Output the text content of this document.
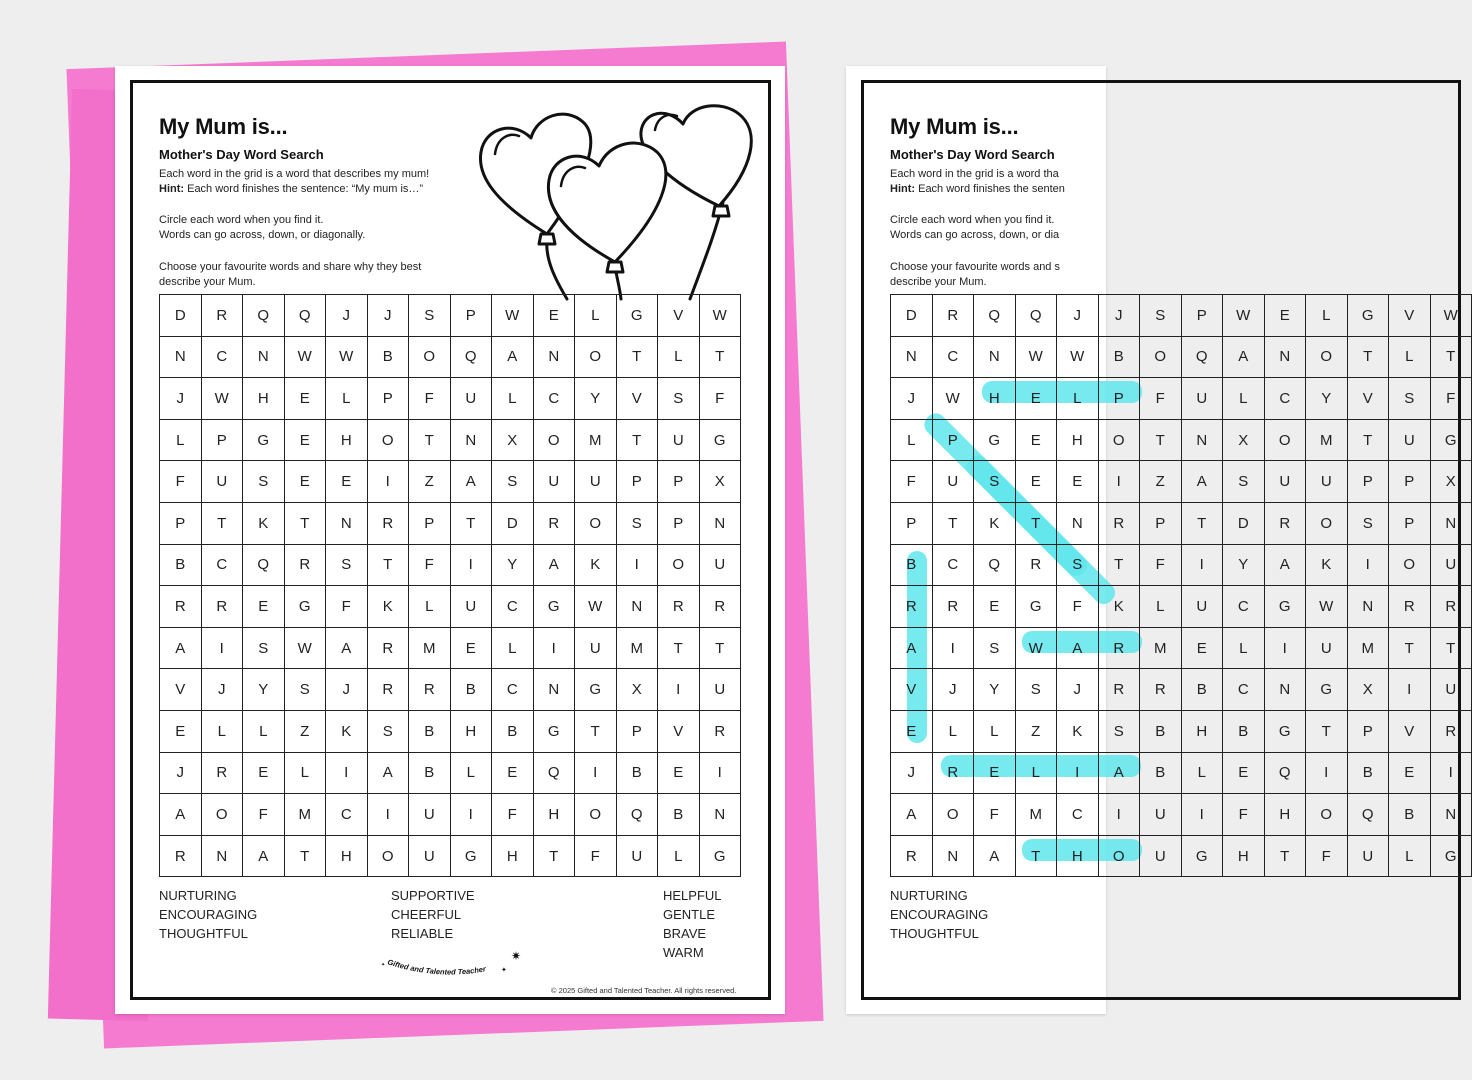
My Mum is...
Mother's Day Word Search
Each word in the grid is a word that describes my mum!
Hint: Each word finishes the sentence: “My mum is…”
Circle each word when you find it.
Words can go across, down, or diagonally.
Choose your favourite words and share why they best
describe your Mum.
D	R	Q	Q	J	J	S	P	W	E	L	G	V	W
N	C	N	W	W	B	O	Q	A	N	O	T	L	T
J	W	H	E	L	P	F	U	L	C	Y	V	S	F
L	P	G	E	H	O	T	N	X	O	M	T	U	G
F	U	S	E	E	I	Z	A	S	U	U	P	P	X
P	T	K	T	N	R	P	T	D	R	O	S	P	N
B	C	Q	R	S	T	F	I	Y	A	K	I	O	U
R	R	E	G	F	K	L	U	C	G	W	N	R	R
A	I	S	W	A	R	M	E	L	I	U	M	T	T
V	J	Y	S	J	R	R	B	C	N	G	X	I	U
E	L	L	Z	K	S	B	H	B	G	T	P	V	R
J	R	E	L	I	A	B	L	E	Q	I	B	E	I
A	O	F	M	C	I	U	I	F	H	O	Q	B	N
R	N	A	T	H	O	U	G	H	T	F	U	L	G
NURTURING
ENCOURAGING
THOUGHTFUL
SUPPORTIVE
CHEERFUL
RELIABLE
HELPFUL
GENTLE
BRAVE
WARM
Gifted and Talented Teacher
✷
✦
✦
© 2025 Gifted and Talented Teacher. All rights reserved.
My Mum is...
Mother's Day Word Search
Each word in the grid is a word tha
Hint: Each word finishes the senten
Circle each word when you find it.
Words can go across, down, or dia
Choose your favourite words and s
describe your Mum.
D	R	Q	Q	J	J	S	P	W	E	L	G	V	W
N	C	N	W	W	B	O	Q	A	N	O	T	L	T
J	W	H	E	L	P	F	U	L	C	Y	V	S	F
L	P	G	E	H	O	T	N	X	O	M	T	U	G
F	U	S	E	E	I	Z	A	S	U	U	P	P	X
P	T	K	T	N	R	P	T	D	R	O	S	P	N
B	C	Q	R	S	T	F	I	Y	A	K	I	O	U
R	R	E	G	F	K	L	U	C	G	W	N	R	R
A	I	S	W	A	R	M	E	L	I	U	M	T	T
V	J	Y	S	J	R	R	B	C	N	G	X	I	U
E	L	L	Z	K	S	B	H	B	G	T	P	V	R
J	R	E	L	I	A	B	L	E	Q	I	B	E	I
A	O	F	M	C	I	U	I	F	H	O	Q	B	N
R	N	A	T	H	O	U	G	H	T	F	U	L	G
NURTURING
ENCOURAGING
THOUGHTFUL
